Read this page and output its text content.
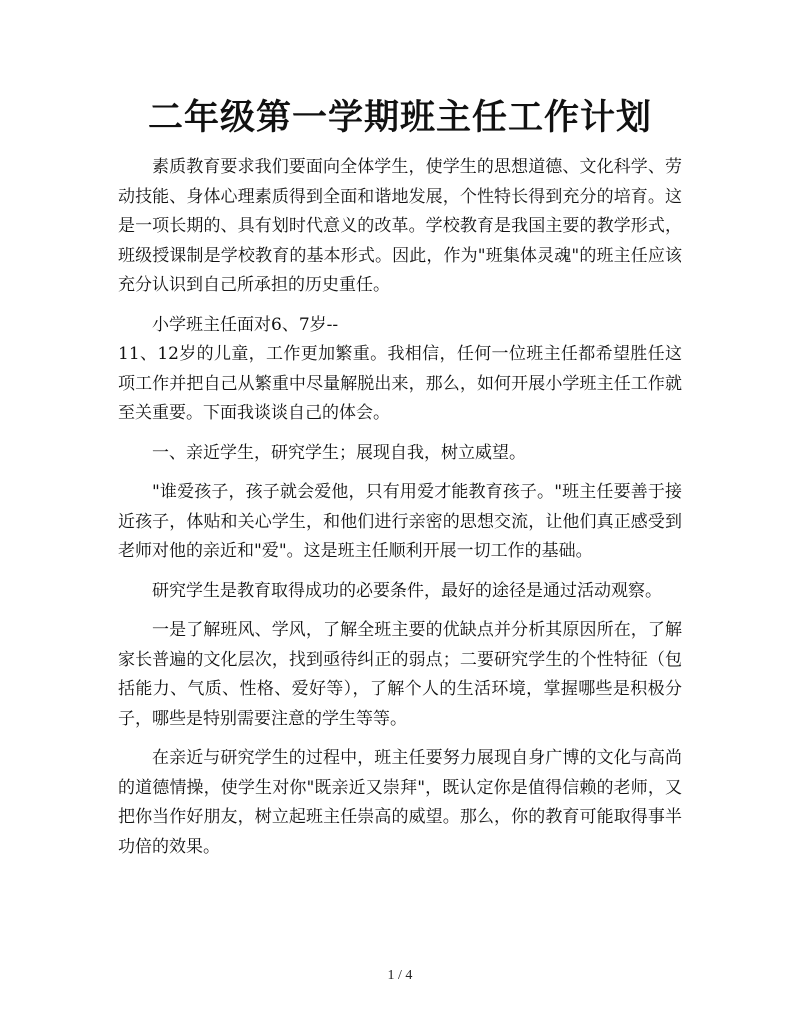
二年级第一学期班主任工作计划

素质教育要求我们要面向全体学生，使学生的思想道德、文化科学、劳动技能、身体心理素质得到全面和谐地发展，个性特长得到充分的培育。这是一项长期的、具有划时代意义的改革。学校教育是我国主要的教学形式，班级授课制是学校教育的基本形式。因此，作为"班集体灵魂"的班主任应该充分认识到自己所承担的历史重任。

小学班主任面对6、7岁--

11、12岁的儿童，工作更加繁重。我相信，任何一位班主任都希望胜任这项工作并把自己从繁重中尽量解脱出来，那么，如何开展小学班主任工作就至关重要。下面我谈谈自己的体会。

一、亲近学生，研究学生；展现自我，树立威望。

"谁爱孩子，孩子就会爱他，只有用爱才能教育孩子。"班主任要善于接近孩子，体贴和关心学生，和他们进行亲密的思想交流，让他们真正感受到老师对他的亲近和"爱"。这是班主任顺利开展一切工作的基础。

研究学生是教育取得成功的必要条件，最好的途径是通过活动观察。

一是了解班风、学风，了解全班主要的优缺点并分析其原因所在，了解家长普遍的文化层次，找到亟待纠正的弱点；二要研究学生的个性特征（包括能力、气质、性格、爱好等），了解个人的生活环境，掌握哪些是积极分子，哪些是特别需要注意的学生等等。

在亲近与研究学生的过程中，班主任要努力展现自身广博的文化与高尚的道德情操，使学生对你"既亲近又崇拜"，既认定你是值得信赖的老师，又把你当作好朋友，树立起班主任崇高的威望。那么，你的教育可能取得事半功倍的效果。

1 / 4
